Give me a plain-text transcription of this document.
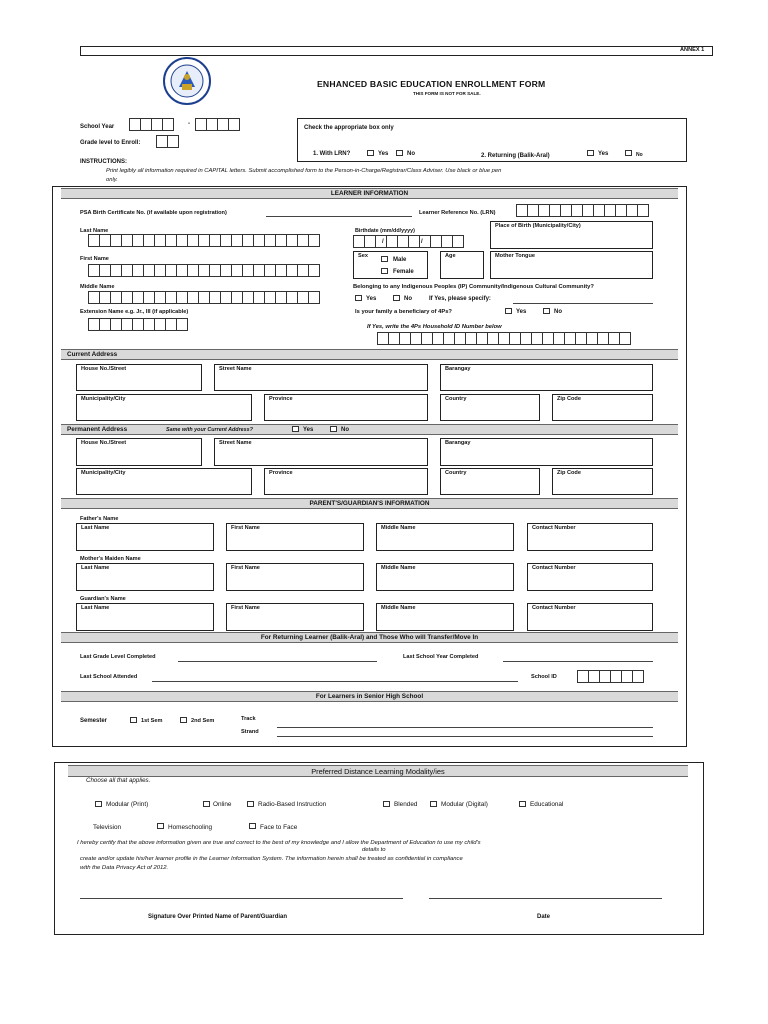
ANNEX 1
ENHANCED BASIC EDUCATION ENROLLMENT FORM
THIS FORM IS NOT FOR SALE.
School Year	-
Grade level to Enroll:
Check the appropriate box only
1. With LRN?	Yes	No	2. Returning (Balik-Aral)	Yes	No
INSTRUCTIONS:
Print legibly all information required in CAPITAL letters. Submit accomplished form to the Person-in-Charge/Registrar/Class Adviser. Use black or blue pen
only.
LEARNER INFORMATION
PSA Birth Certificate No. (if available upon registration)	Learner Reference No. (LRN)
Last Name	Birthdate (mm/dd/yyyy)
/	/
Place of Birth (Municipality/City)
First Name	Sex
Male
Female
Age	Mother Tongue
Middle Name	Belonging to any Indigenous Peoples (IP) Community/Indigenous Cultural Community?
Yes	No	If Yes, please specify:
Extension Name e.g. Jr., III (if applicable)	Is your family a beneficiary of 4Ps?	Yes	No
If Yes, write the 4Ps Household ID Number below
Current Address
House No./Street	Street Name	Barangay
Municipality/City	Province	Country	Zip Code
Permanent Address	Same with your Current Address?	Yes	No
House No./Street	Street Name	Barangay
Municipality/City	Province	Country	Zip Code
PARENT'S/GUARDIAN'S INFORMATION
Father's Name
Last Name	First Name	Middle Name	Contact Number
Mother's Maiden Name
Last Name	First Name	Middle Name	Contact Number
Guardian's Name
Last Name	First Name	Middle Name	Contact Number
For Returning Learner (Balik-Aral) and Those Who will Transfer/Move In
Last Grade Level Completed	Last School Year Completed
Last School Attended	School ID
For Learners in Senior High School
Semester	1st Sem	2nd Sem	Track
Strand
Preferred Distance Learning Modality/ies
Choose all that applies.
Modular (Print)	Online	Radio-Based Instruction	Blended	Modular (Digital)	Educational
Television	Homeschooling	Face to Face
I hereby certify that the above information given are true and correct to the best of my knowledge and I allow the Department of Education to use my child's
details to
create and/or update his/her learner profile in the Learner Information System. The information herein shall be treated as confidential in compliance
with the Data Privacy Act of 2012.
Signature Over Printed Name of Parent/Guardian	Date
